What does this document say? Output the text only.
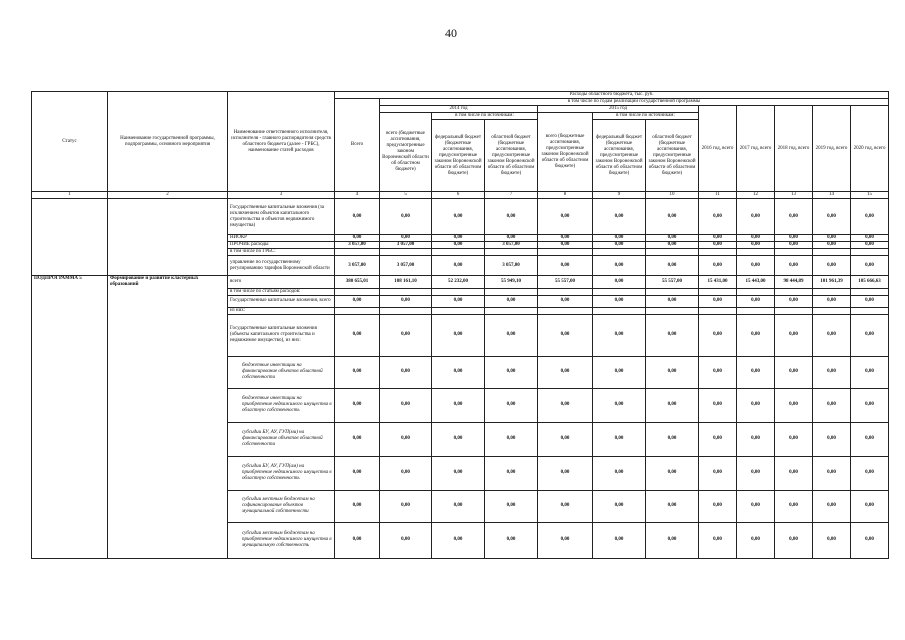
40
Статус	Наименование государственной программы, подпрограммы, основного мероприятия	Наименование ответственного исполнителя, исполнителя - главного распорядителя средств областного бюджета (далее - ГРБС), наименование статей расходов	Расходы областного бюджета, тыс. руб.											
			Всего	в том числе по годам реализации государственной программы										
				2014 год			2015 год			2016 год, всего	2017 год, всего	2018 год, всего	2019 год, всего	2020 год, всего
				всего (бюджетные ассигнования, предусмотренные законом Воронежской области об областном бюджете)	в том числе по источникам:		всего (бюджетные ассигнования, предусмотренные законом Воронежской области об областном бюджете)	в том числе по источникам:						
					федеральный бюджет (бюджетные ассигнования, предусмотренные законом Воронежской области об областном бюджете)	областной бюджет (бюджетные ассигнования, предусмотренные законом Воронежской области об областном бюджете)		федеральный бюджет (бюджетные ассигнования, предусмотренные законом Воронежской области об областном бюджете)	областной бюджет (бюджетные ассигнования, предусмотренные законом Воронежской области об областном бюджете)					
1	2	3	4	5	6	7	8	9	10	11	12	13	14	15
		Государственные капитальные вложения (за исключением объектов капитального строительства и объектов недвижимого имущества)	0,00	0,00	0,00	0,00	0,00	0,00	0,00	0,00	0,00	0,00	0,00	0,00
		НИОКР	0,00	0,00	0,00	0,00	0,00	0,00	0,00	0,00	0,00	0,00	0,00	0,00
		ПРОЧИЕ расходы	3 057,00	3 057,00	0,00	3 057,00	0,00	0,00	0,00	0,00	0,00	0,00	0,00	0,00
		в том числе по ГРБС:												
		управление по государственному регулированию тарифов Воронежской области	3 057,00	3 057,00	0,00	3 057,00	0,00	0,00	0,00	0,00	0,00	0,00	0,00	0,00
ПОДПРОГРАММА 5	Формирование и развитие кластерных образований	всего	380 655,01	108 161,10	52 232,00	55 949,10	55 557,00	0,00	55 557,00	15 431,00	15 443,00	98 444,89	101 961,39	105 666,63
		в том числе по статьям расходов:												
		Государственные капитальные вложения, всего	0,00	0,00	0,00	0,00	0,00	0,00	0,00	0,00	0,00	0,00	0,00	0,00
		из них:												
		Государственные капитальные вложения (объекты капитального строительства и недвижимое имущество), из них:	0,00	0,00	0,00	0,00	0,00	0,00	0,00	0,00	0,00	0,00	0,00	0,00
		бюджетные инвестиции на финансирование объектов областной собственности	0,00	0,00	0,00	0,00	0,00	0,00	0,00	0,00	0,00	0,00	0,00	0,00
		бюджетные инвестиции на приобретение недвижимого имущества в областную собственность	0,00	0,00	0,00	0,00	0,00	0,00	0,00	0,00	0,00	0,00	0,00	0,00
		субсидии БУ, АУ, ГУП(ми) на финансирование объектов областной собственности	0,00	0,00	0,00	0,00	0,00	0,00	0,00	0,00	0,00	0,00	0,00	0,00
		субсидии БУ, АУ, ГУП(ам) на приобретение недвижимого имущества в областную собственность	0,00	0,00	0,00	0,00	0,00	0,00	0,00	0,00	0,00	0,00	0,00	0,00
		субсидии местным бюджетам на софинансирование объектов муниципальной собственности	0,00	0,00	0,00	0,00	0,00	0,00	0,00	0,00	0,00	0,00	0,00	0,00
		субсидии местным бюджетам на приобретение недвижимого имущества в муниципальную собственность	0,00	0,00	0,00	0,00	0,00	0,00	0,00	0,00	0,00	0,00	0,00	0,00
